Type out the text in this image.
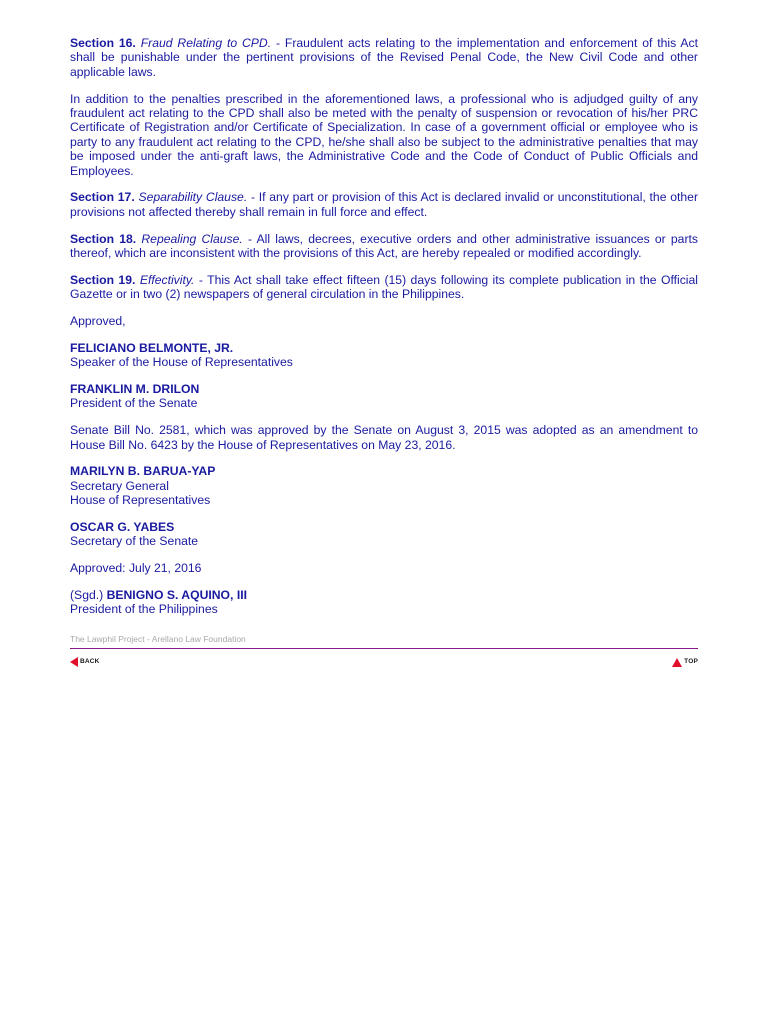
Section 16. Fraud Relating to CPD. - Fraudulent acts relating to the implementation and enforcement of this Act shall be punishable under the pertinent provisions of the Revised Penal Code, the New Civil Code and other applicable laws.

In addition to the penalties prescribed in the aforementioned laws, a professional who is adjudged guilty of any fraudulent act relating to the CPD shall also be meted with the penalty of suspension or revocation of his/her PRC Certificate of Registration and/or Certificate of Specialization. In case of a government official or employee who is party to any fraudulent act relating to the CPD, he/she shall also be subject to the administrative penalties that may be imposed under the anti-graft laws, the Administrative Code and the Code of Conduct of Public Officials and Employees.

Section 17. Separability Clause. - If any part or provision of this Act is declared invalid or unconstitutional, the other provisions not affected thereby shall remain in full force and effect.

Section 18. Repealing Clause. - All laws, decrees, executive orders and other administrative issuances or parts thereof, which are inconsistent with the provisions of this Act, are hereby repealed or modified accordingly.

Section 19. Effectivity. - This Act shall take effect fifteen (15) days following its complete publication in the Official Gazette or in two (2) newspapers of general circulation in the Philippines.

Approved,
FELICIANO BELMONTE, JR.
Speaker of the House of Representatives
FRANKLIN M. DRILON
President of the Senate

Senate Bill No. 2581, which was approved by the Senate on August 3, 2015 was adopted as an amendment to House Bill No. 6423 by the House of Representatives on May 23, 2016.

MARILYN B. BARUA-YAP
Secretary General
House of Representatives
OSCAR G. YABES
Secretary of the Senate
Approved: July 21, 2016
(Sgd.) BENIGNO S. AQUINO, III
President of the Philippines
The Lawphil Project - Arellano Law Foundation
BACK	TOP
